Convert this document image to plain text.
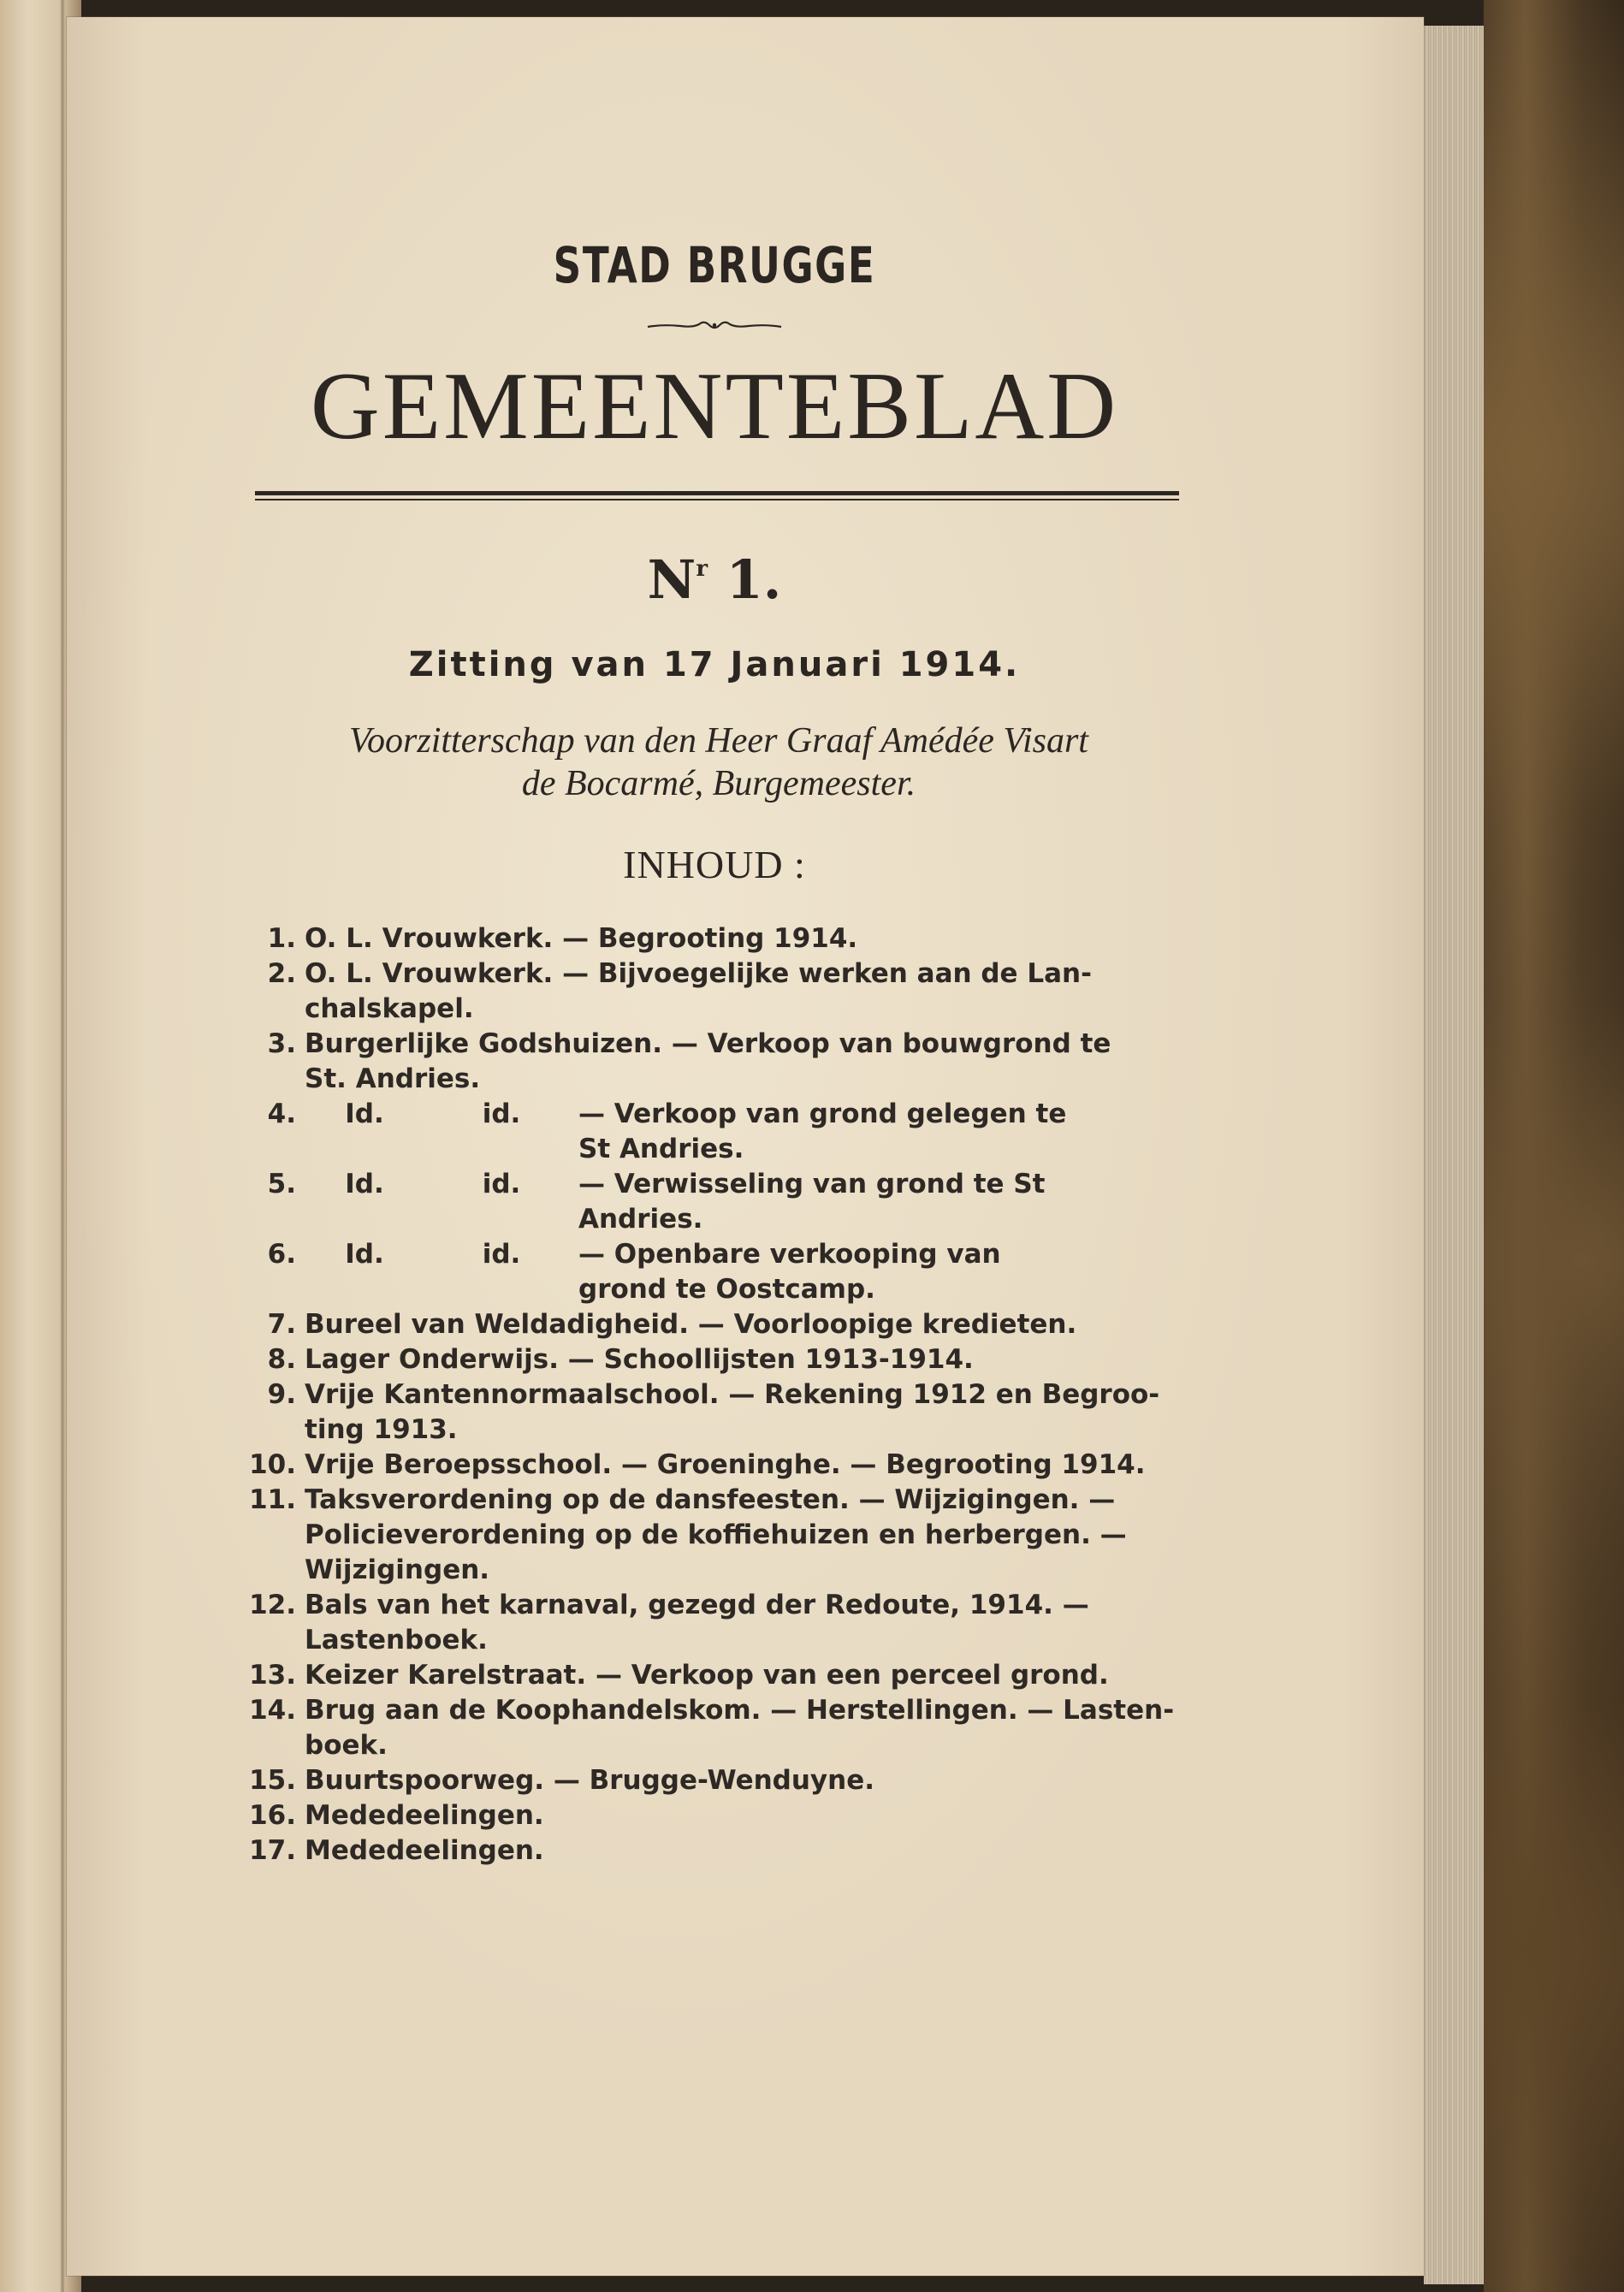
STAD BRUGGE
GEMEENTEBLAD
$N^r$ 1.
Zitting van 17 Januari 1914.
Voorzitterschap van den Heer Graaf Amédée Visart
de Bocarmé, Burgemeester.
INHOUD :
1. O. L. Vrouwkerk. — Begrooting 1914.
2. O. L. Vrouwkerk. — Bijvoegelijke werken aan de Lan-
chalskapel.
3. Burgerlijke Godshuizen. — Verkoop van bouwgrond te
St. Andries.
4.	Id.	id.	— Verkoop van grond gelegen te
St Andries.
5.	Id.	id.	— Verwisseling van grond te St
Andries.
6.	Id.	id.	— Openbare verkooping van
grond te Oostcamp.
7. Bureel van Weldadigheid. — Voorloopige kredieten.
8. Lager Onderwijs. — Schoollijsten 1913-1914.
9. Vrije Kantennormaalschool. — Rekening 1912 en Begroo-
ting 1913.
10. Vrije Beroepsschool. — Groeninghe. — Begrooting 1914.
11. Taksverordening op de dansfeesten. — Wijzigingen. —
Policieverordening op de koffiehuizen en herbergen. —
Wijzigingen.
12. Bals van het karnaval, gezegd der Redoute, 1914. —
Lastenboek.
13. Keizer Karelstraat. — Verkoop van een perceel grond.
14. Brug aan de Koophandelskom. — Herstellingen. — Lasten-
boek.
15. Buurtspoorweg. — Brugge-Wenduyne.
16. Mededeelingen.
17. Mededeelingen.
